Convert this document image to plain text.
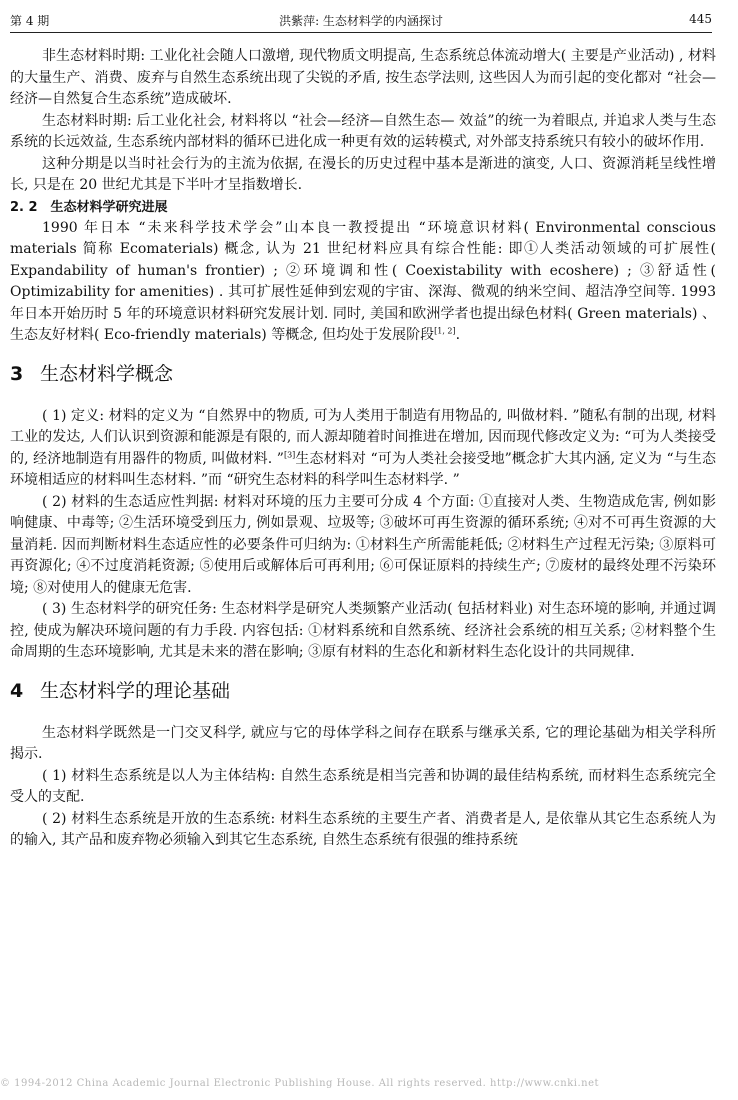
第 4 期	洪紫萍: 生态材料学的内涵探讨	445

非生态材料时期: 工业化社会随人口激增, 现代物质文明提高, 生态系统总体流动增大( 主要是产业活动) , 材料的大量生产、消费、废弃与自然生态系统出现了尖锐的矛盾, 按生态学法则, 这些因人为而引起的变化都对 “社会—经济—自然复合生态系统”造成破坏.

生态材料时期: 后工业化社会, 材料将以 “社会—经济—自然生态— 效益”的统一为着眼点, 并追求人类与生态系统的长远效益, 生态系统内部材料的循环已进化成一种更有效的运转模式, 对外部支持系统只有较小的破坏作用.

这种分期是以当时社会行为的主流为依据, 在漫长的历史过程中基本是渐进的演变, 人口、资源消耗呈线性增长, 只是在 20 世纪尤其是下半叶才呈指数增长.

2. 2　生态材料学研究进展

1990 年日本 “未来科学技术学会”山本良一教授提出 “环境意识材料( Environmental conscious materials 简称 Ecomaterials) 概念, 认为 21 世纪材料应具有综合性能: 即①人类活动领域的可扩展性( Expandability of human's frontier) ; ②环境调和性( Coexistability with ecoshere) ; ③舒适性( Optimizability for amenities) . 其可扩展性延伸到宏观的宇宙、深海、微观的纳米空间、超洁净空间等. 1993 年日本开始历时 5 年的环境意识材料研究发展计划. 同时, 美国和欧洲学者也提出绿色材料( Green materials) 、生态友好材料( Eco-friendly materials) 等概念, 但均处于发展阶段[1, 2].

3 生态材料学概念

( 1) 定义: 材料的定义为 “自然界中的物质, 可为人类用于制造有用物品的, 叫做材料. ”随私有制的出现, 材料工业的发达, 人们认识到资源和能源是有限的, 而人源却随着时间推进在增加, 因而现代修改定义为: “可为人类接受的, 经济地制造有用器件的物质, 叫做材料. ”[3]生态材料对 “可为人类社会接受地”概念扩大其内涵, 定义为 “与生态环境相适应的材料叫生态材料. ”而 “研究生态材料的科学叫生态材料学. ”

( 2) 材料的生态适应性判据: 材料对环境的压力主要可分成 4 个方面: ①直接对人类、生物造成危害, 例如影响健康、中毒等; ②生活环境受到压力, 例如景观、垃圾等; ③破坏可再生资源的循环系统; ④对不可再生资源的大量消耗. 因而判断材料生态适应性的必要条件可归纳为: ①材料生产所需能耗低; ②材料生产过程无污染; ③原料可再资源化; ④不过度消耗资源; ⑤使用后或解体后可再利用; ⑥可保证原料的持续生产; ⑦废材的最终处理不污染环境; ⑧对使用人的健康无危害.

( 3) 生态材料学的研究任务: 生态材料学是研究人类频繁产业活动( 包括材料业) 对生态环境的影响, 并通过调控, 使成为解决环境问题的有力手段. 内容包括: ①材料系统和自然系统、经济社会系统的相互关系; ②材料整个生命周期的生态环境影响, 尤其是未来的潜在影响; ③原有材料的生态化和新材料生态化设计的共同规律.

4 生态材料学的理论基础

生态材料学既然是一门交叉科学, 就应与它的母体学科之间存在联系与继承关系, 它的理论基础为相关学科所揭示.

( 1) 材料生态系统是以人为主体结构: 自然生态系统是相当完善和协调的最佳结构系统, 而材料生态系统完全受人的支配.

( 2) 材料生态系统是开放的生态系统: 材料生态系统的主要生产者、消费者是人, 是依靠从其它生态系统人为的输入, 其产品和废弃物必须输入到其它生态系统, 自然生态系统有很强的维持系统

© 1994-2012 China Academic Journal Electronic Publishing House. All rights reserved. http://www.cnki.net
